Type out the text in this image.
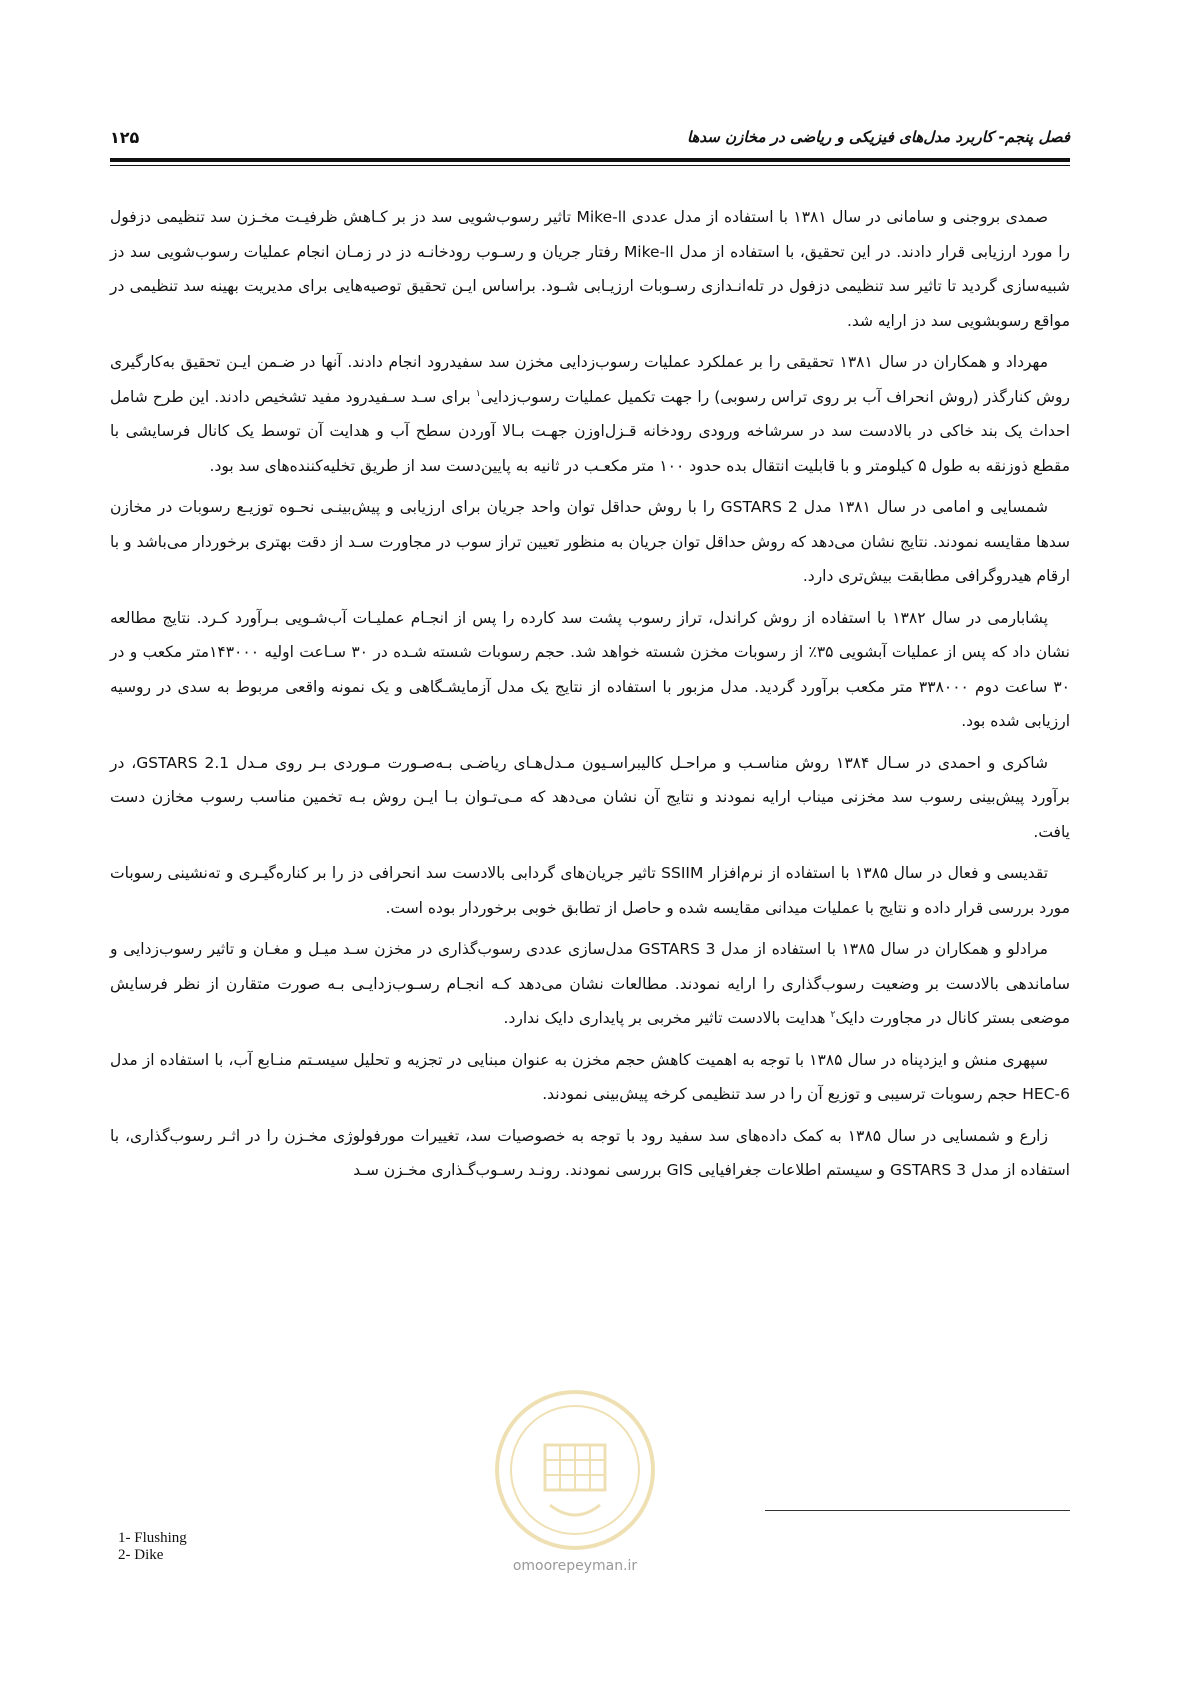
فصل پنجم- کاربرد مدل‌های فیزیکی و ریاضی در مخازن سدها
۱۲۵

صمدی بروجنی و سامانی در سال ۱۳۸۱ با استفاده از مدل عددی Mike-ll تاثیر رسوب‌شویی سد دز بر کـاهش ظرفیـت مخـزن سد تنظیمی دزفول را مورد ارزیابی قرار دادند. در این تحقیق، با استفاده از مدل Mike-ll رفتار جریان و رسـوب رودخانـه دز در زمـان انجام عملیات رسوب‌شویی سد دز شبیه‌سازی گردید تا تاثیر سد تنظیمی دزفول در تله‌انـدازی رسـوبات ارزیـابی شـود. براساس ایـن تحقیق توصیه‌هایی برای مدیریت بهینه سد تنظیمی در مواقع رسوبشویی سد دز ارایه شد.

مهرداد و همکاران در سال ۱۳۸۱ تحقیقی را بر عملکرد عملیات رسوب‌زدایی مخزن سد سفیدرود انجام دادند. آنها در ضـمن ایـن تحقیق به‌کارگیری روش کنارگذر (روش انحراف آب بر روی تراس رسوبی) را جهت تکمیل عملیات رسوب‌زدایی$^۱$ برای سـد سـفیدرود مفید تشخیص دادند. این طرح شامل احداث یک بند خاکی در بالادست سد در سرشاخه ورودی رودخانه قـزل‌اوزن جهـت بـالا آوردن سطح آب و هدایت آن توسط یک کانال فرسایشی با مقطع ذوزنقه به طول ۵ کیلومتر و با قابلیت انتقال بده حدود ۱۰۰ متر مکعـب در ثانیه به پایین‌دست سد از طریق تخلیه‌کننده‌های سد بود.

شمسایی و امامی در سال ۱۳۸۱ مدل GSTARS 2 را با روش حداقل توان واحد جریان برای ارزیابی و پیش‌بینـی نحـوه توزیـع رسوبات در مخازن سدها مقایسه نمودند. نتایج نشان می‌دهد که روش حداقل توان جریان به منظور تعیین تراز سوب در مجاورت سـد از دقت بهتری برخوردار می‌باشد و با ارقام هیدروگرافی مطابقت بیش‌تری دارد.

پشابارمی در سال ۱۳۸۲ با استفاده از روش کراندل، تراز رسوب پشت سد کارده را پس از انجـام عملیـات آب‌شـویی بـرآورد کـرد. نتایج مطالعه نشان داد که پس از عملیات آبشویی ۳۵٪ از رسوبات مخزن شسته خواهد شد. حجم رسوبات شسته شـده در ۳۰ سـاعت اولیه ۱۴۳۰۰۰متر مکعب و در ۳۰ ساعت دوم ۳۳۸۰۰۰ متر مکعب برآورد گردید. مدل مزبور با استفاده از نتایج یک مدل آزمایشـگاهی و یک نمونه واقعی مربوط به سدی در روسیه ارزیابی شده بود.

شاکری و احمدی در سـال ۱۳۸۴ روش مناسـب و مراحـل کالیبراسـیون مـدل‌هـای ریاضـی بـه‌صـورت مـوردی بـر روی مـدل GSTARS 2.1، در برآورد پیش‌بینی رسوب سد مخزنی میناب ارایه نمودند و نتایج آن نشان می‌دهد که مـی‌تـوان بـا ایـن روش بـه تخمین مناسب رسوب مخازن دست یافت.

تقدیسی و فعال در سال ۱۳۸۵ با استفاده از نرم‌افزار SSIIM تاثیر جریان‌های گردابی بالادست سد انحرافی دز را بر کناره‌گیـری و ته‌نشینی رسوبات مورد بررسی قرار داده و نتایج با عملیات میدانی مقایسه شده و حاصل از تطابق خوبی برخوردار بوده است.

مرادلو و همکاران در سال ۱۳۸۵ با استفاده از مدل GSTARS 3 مدل‌سازی عددی رسوب‌گذاری در مخزن سـد میـل و مغـان و تاثیر رسوب‌زدایی و ساماندهی بالادست بر وضعیت رسوب‌گذاری را ارایه نمودند. مطالعات نشان می‌دهد کـه انجـام رسـوب‌زدایـی بـه صورت متقارن از نظر فرسایش موضعی بستر کانال در مجاورت دایک$^۲$ هدایت بالادست تاثیر مخربی بر پایداری دایک ندارد.

سپهری منش و ایزدپناه در سال ۱۳۸۵ با توجه به اهمیت کاهش حجم مخزن به عنوان مبنایی در تجزیه و تحلیل سیسـتم منـابع آب، با استفاده از مدل HEC-6 حجم رسوبات ترسیبی و توزیع آن را در سد تنظیمی کرخه پیش‌بینی نمودند.

زارع و شمسایی در سال ۱۳۸۵ به کمک داده‌های سد سفید رود با توجه به خصوصیات سد، تغییرات مورفولوژی مخـزن را در اثـر رسوب‌گذاری، با استفاده از مدل GSTARS 3 و سیستم اطلاعات جغرافیایی GIS بررسی نمودند. رونـد رسـوب‌گـذاری مخـزن سـد

omoorepeyman.ir
1- Flushing
2- Dike
